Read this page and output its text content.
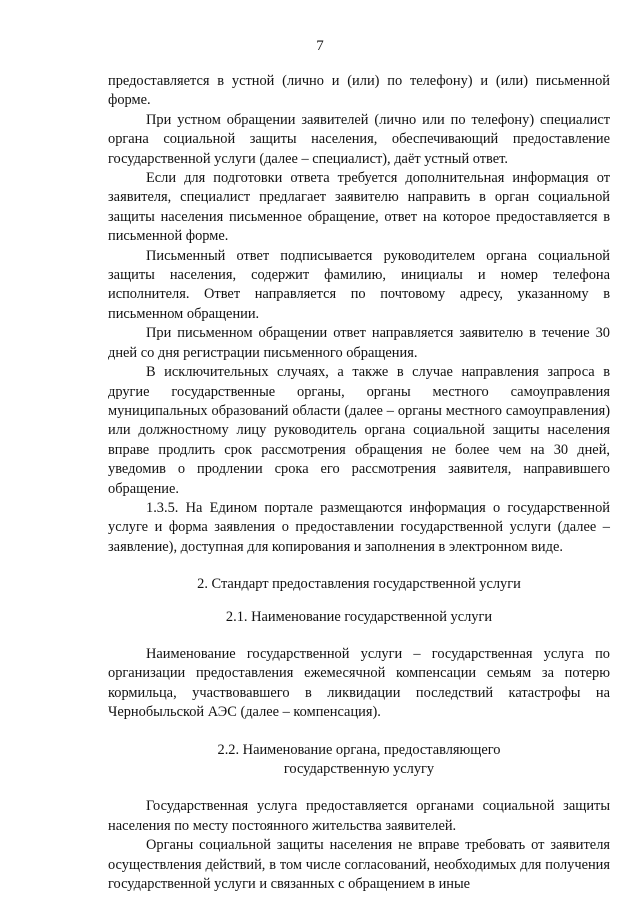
7

предоставляется в устной (лично и (или) по телефону) и (или) письменной форме.

При устном обращении заявителей (лично или по телефону) специалист органа социальной защиты населения, обеспечивающий предоставление государственной услуги (далее – специалист), даёт устный ответ.

Если для подготовки ответа требуется дополнительная информация от заявителя, специалист предлагает заявителю направить в орган социальной защиты населения письменное обращение, ответ на которое предоставляется в письменной форме.

Письменный ответ подписывается руководителем органа социальной защиты населения, содержит фамилию, инициалы и номер телефона исполнителя. Ответ направляется по почтовому адресу, указанному в письменном обращении.

При письменном обращении ответ направляется заявителю в течение 30 дней со дня регистрации письменного обращения.

В исключительных случаях, а также в случае направления запроса в другие государственные органы, органы местного самоуправления муниципальных образований области (далее – органы местного самоуправления) или должностному лицу руководитель органа социальной защиты населения вправе продлить срок рассмотрения обращения не более чем на 30 дней, уведомив о продлении срока его рассмотрения заявителя, направившего обращение.

1.3.5. На Едином портале размещаются информация о государственной услуге и форма заявления о предоставлении государственной услуги (далее – заявление), доступная для копирования и заполнения в электронном виде.

2. Стандарт предоставления государственной услуги

2.1. Наименование государственной услуги

Наименование государственной услуги – государственная услуга по организации предоставления ежемесячной компенсации семьям за потерю кормильца, участвовавшего в ликвидации последствий катастрофы на Чернобыльской АЭС (далее – компенсация).

2.2. Наименование органа, предоставляющего

государственную услугу

Государственная услуга предоставляется органами социальной защиты населения по месту постоянного жительства заявителей.

Органы социальной защиты населения не вправе требовать от заявителя осуществления действий, в том числе согласований, необходимых для получения государственной услуги и связанных с обращением в иные
